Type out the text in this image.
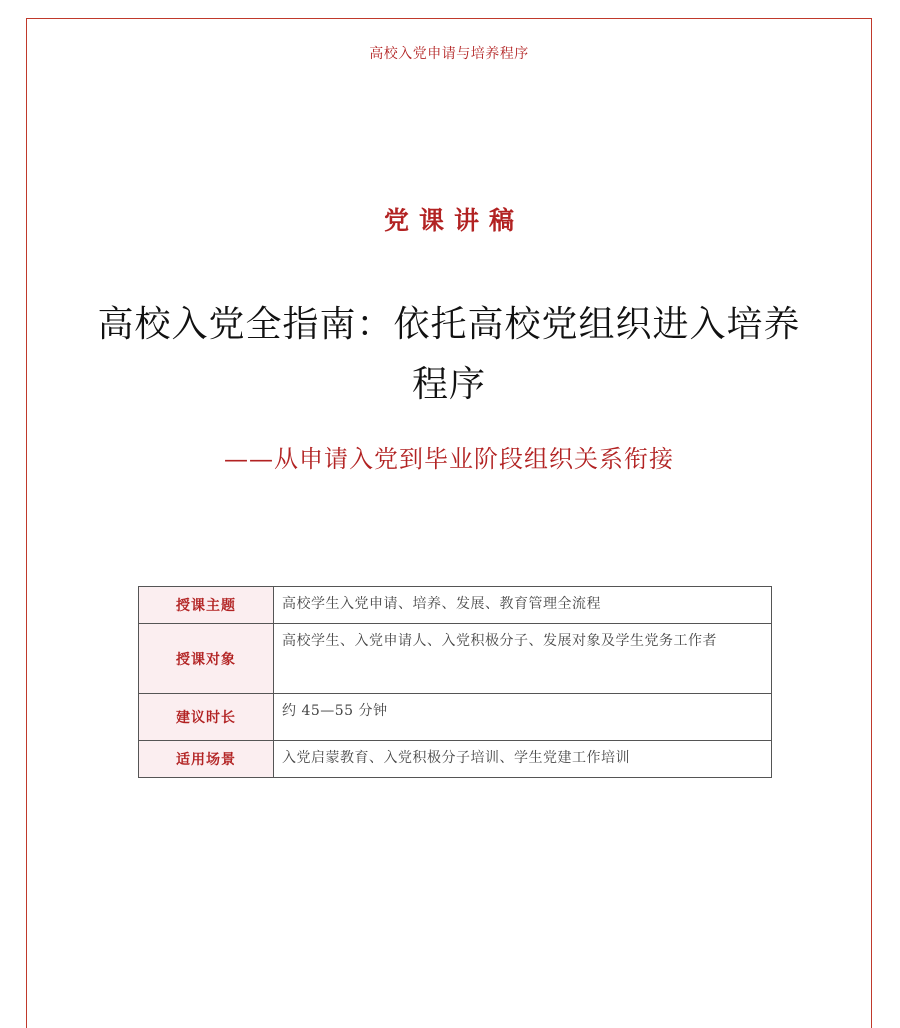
高校入党申请与培养程序
党课讲稿
高校入党全指南：依托高校党组织进入培养程序
——从申请入党到毕业阶段组织关系衔接
授课主题	高校学生入党申请、培养、发展、教育管理全流程
授课对象	高校学生、入党申请人、入党积极分子、发展对象及学生党务工作者
建议时长	约 45—55 分钟
适用场景	入党启蒙教育、入党积极分子培训、学生党建工作培训
